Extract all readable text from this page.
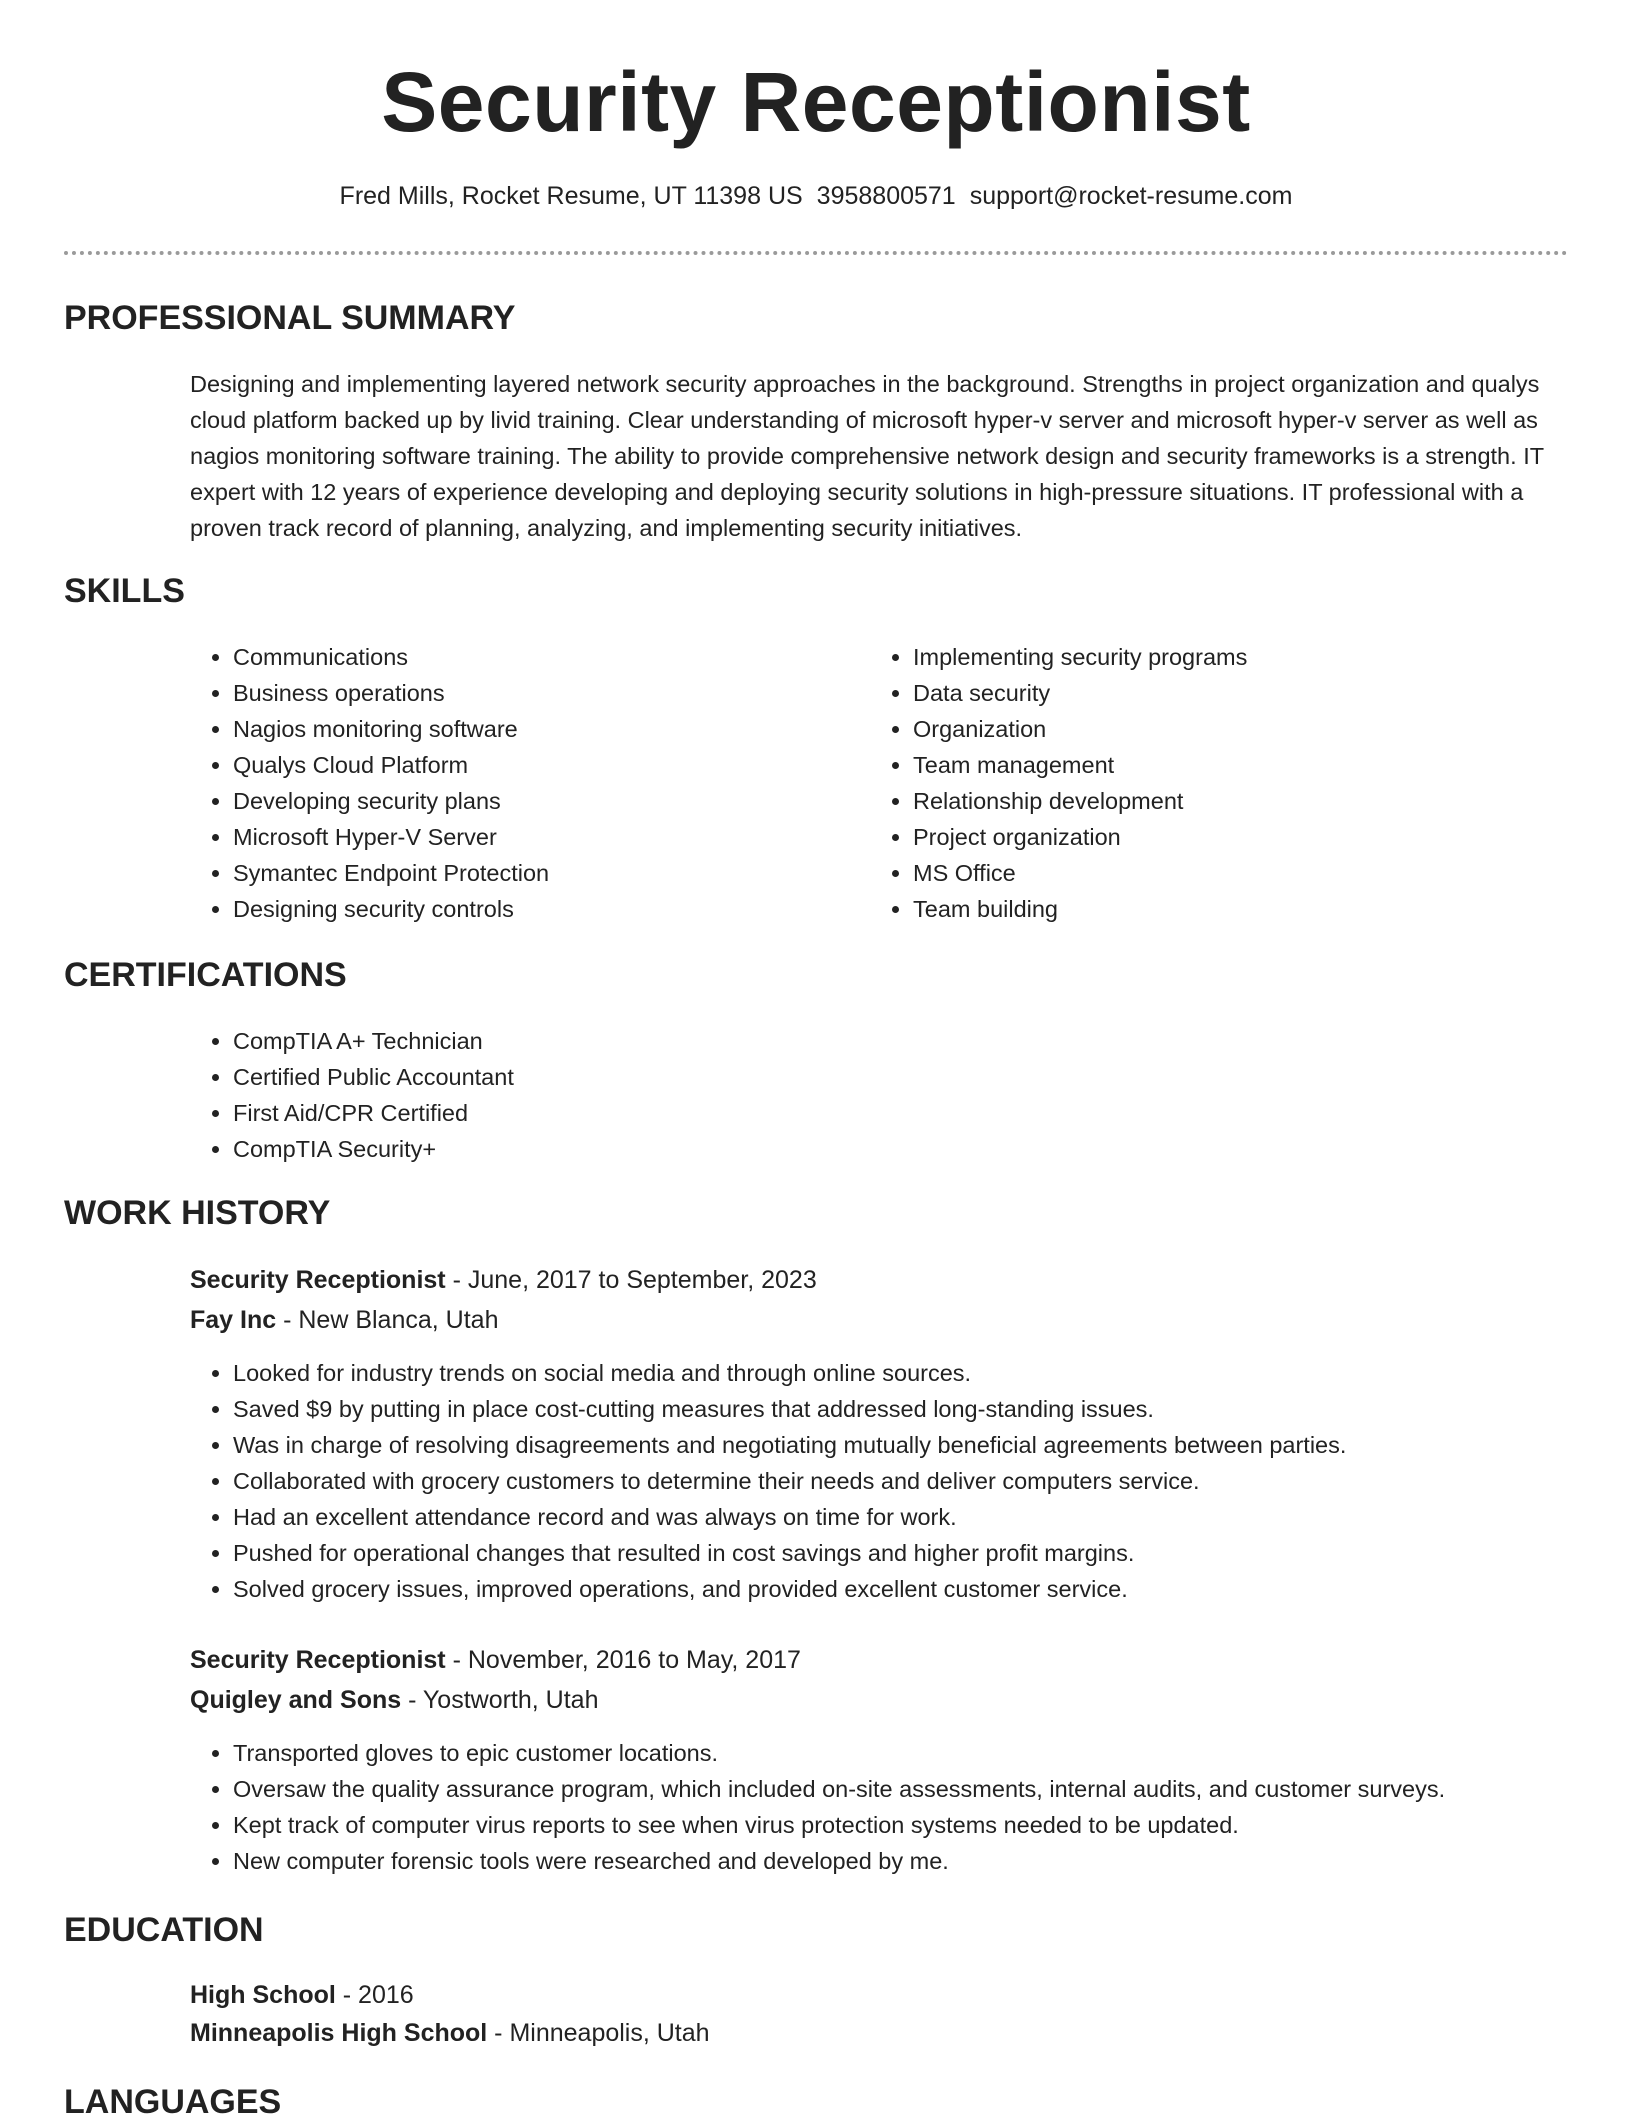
Security Receptionist
Fred Mills, Rocket Resume, UT 11398 US 3958800571 support@rocket-resume.com
PROFESSIONAL SUMMARY

Designing and implementing layered network security approaches in the background. Strengths in project organization and qualys cloud platform backed up by livid training. Clear understanding of microsoft hyper-v server and microsoft hyper-v server as well as nagios monitoring software training. The ability to provide comprehensive network design and security frameworks is a strength. IT expert with 12 years of experience developing and deploying security solutions in high-pressure situations. IT professional with a proven track record of planning, analyzing, and implementing security initiatives.

SKILLS
• Communications
• Business operations
• Nagios monitoring software
• Qualys Cloud Platform
• Developing security plans
• Microsoft Hyper-V Server
• Symantec Endpoint Protection
• Designing security controls
• Implementing security programs
• Data security
• Organization
• Team management
• Relationship development
• Project organization
• MS Office
• Team building
CERTIFICATIONS
• CompTIA A+ Technician
• Certified Public Accountant
• First Aid/CPR Certified
• CompTIA Security+
WORK HISTORY

Security Receptionist - June, 2017 to September, 2023

Fay Inc - New Blanca, Utah

• Looked for industry trends on social media and through online sources.
• Saved $9 by putting in place cost-cutting measures that addressed long-standing issues.
• Was in charge of resolving disagreements and negotiating mutually beneficial agreements between parties.
• Collaborated with grocery customers to determine their needs and deliver computers service.
• Had an excellent attendance record and was always on time for work.
• Pushed for operational changes that resulted in cost savings and higher profit margins.
• Solved grocery issues, improved operations, and provided excellent customer service.

Security Receptionist - November, 2016 to May, 2017

Quigley and Sons - Yostworth, Utah

• Transported gloves to epic customer locations.
• Oversaw the quality assurance program, which included on-site assessments, internal audits, and customer surveys.
• Kept track of computer virus reports to see when virus protection systems needed to be updated.
• New computer forensic tools were researched and developed by me.
EDUCATION

High School - 2016

Minneapolis High School - Minneapolis, Utah

LANGUAGES
